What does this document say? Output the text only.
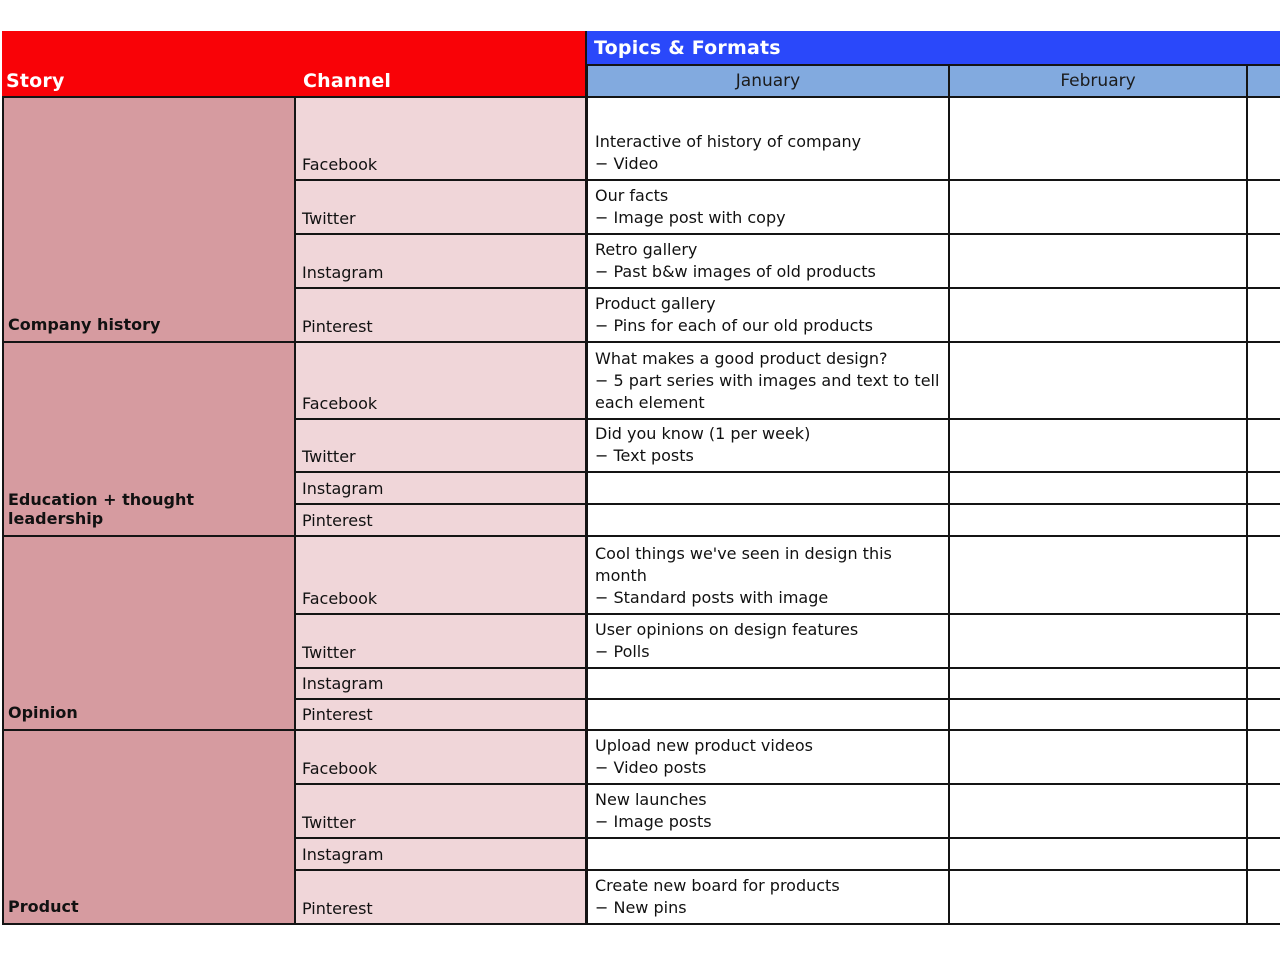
Story	Channel
Topics & Formats
January	February
Company history
Education + thought leadership
Opinion
Product
Facebook
Interactive of history of company
− Video
Twitter
Our facts
− Image post with copy
Instagram
Retro gallery
− Past b&w images of old products
Pinterest
Product gallery
− Pins for each of our old products
Facebook
What makes a good product design?
− 5 part series with images and text to tell each element
Twitter
Did you know (1 per week)
− Text posts
Instagram
Pinterest
Facebook
Cool things we've seen in design this month
− Standard posts with image
Twitter
User opinions on design features
− Polls
Instagram
Pinterest
Facebook
Upload new product videos
− Video posts
Twitter
New launches
− Image posts
Instagram
Pinterest
Create new board for products
− New pins
